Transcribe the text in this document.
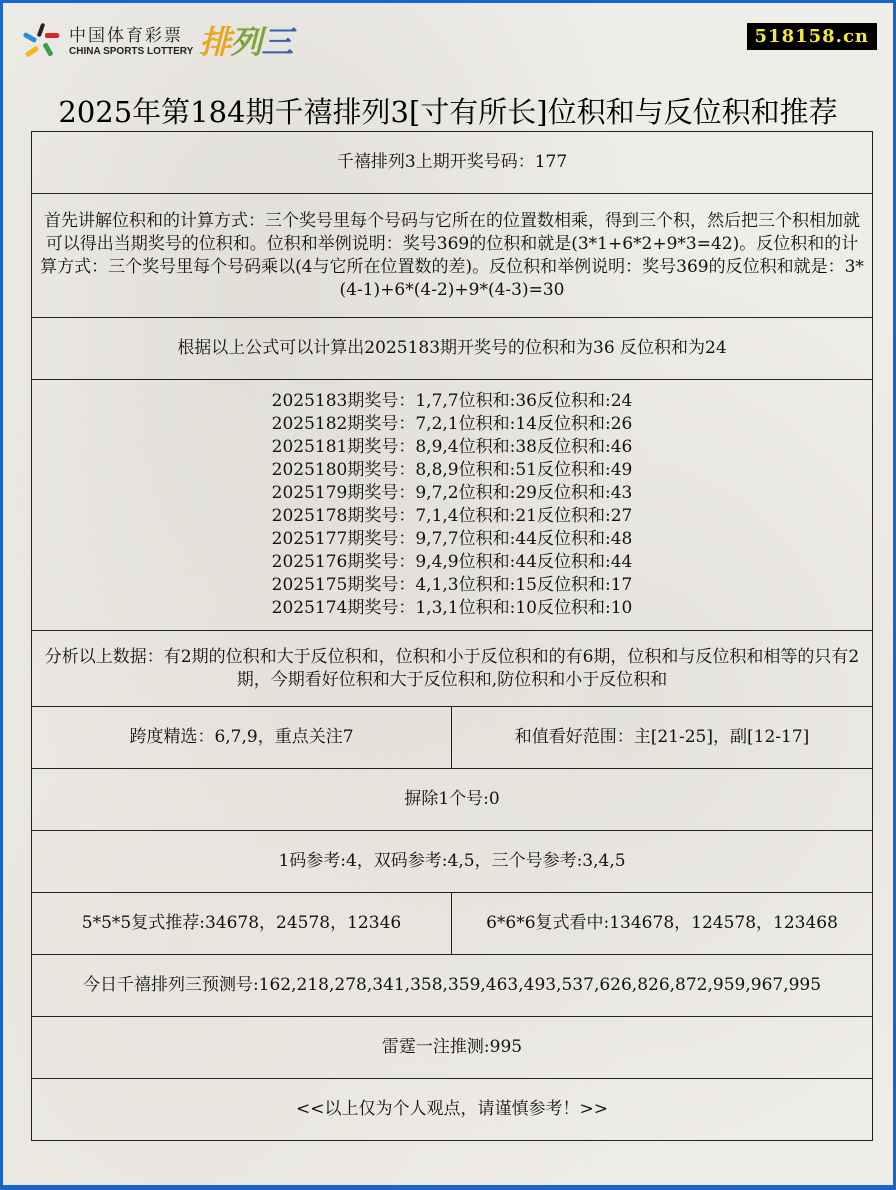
中国体育彩票
CHINA SPORTS LOTTERY 排列三	518158.cn
2025年第184期千禧排列3[寸有所长]位积和与反位积和推荐
千禧排列3上期开奖号码：177	
首先讲解位积和的计算方式：三个奖号里每个号码与它所在的位置数相乘，得到三个积，然后把三个积相加就可以得出当期奖号的位积和。位积和举例说明：奖号369的位积和就是(3*1+6*2+9*3=42)。反位积和的计算方式：三个奖号里每个号码乘以(4与它所在位置数的差)。反位积和举例说明：奖号369的反位积和就是：3*(4-1)+6*(4-2)+9*(4-3)=30	
根据以上公式可以计算出2025183期开奖号的位积和为36 反位积和为24	

2025183期奖号：1,7,7位积和:36反位积和:24
2025182期奖号：7,2,1位积和:14反位积和:26
2025181期奖号：8,9,4位积和:38反位积和:46
2025180期奖号：8,8,9位积和:51反位积和:49
2025179期奖号：9,7,2位积和:29反位积和:43
2025178期奖号：7,1,4位积和:21反位积和:27
2025177期奖号：9,7,7位积和:44反位积和:48
2025176期奖号：9,4,9位积和:44反位积和:44
2025175期奖号：4,1,3位积和:15反位积和:17
2025174期奖号：1,3,1位积和:10反位积和:10

分析以上数据：有2期的位积和大于反位积和，位积和小于反位积和的有6期，位积和与反位积和相等的只有2期，今期看好位积和大于反位积和,防位积和小于反位积和	
跨度精选：6,7,9，重点关注7	和值看好范围：主[21-25]，副[12-17]
摒除1个号:0	
1码参考:4，双码参考:4,5，三个号参考:3,4,5	
5*5*5复式推荐:34678，24578，12346	6*6*6复式看中:134678，124578，123468
今日千禧排列三预测号:162,218,278,341,358,359,463,493,537,626,826,872,959,967,995	
雷霆一注推测:995	
<<以上仅为个人观点，请谨慎参考！>>	
